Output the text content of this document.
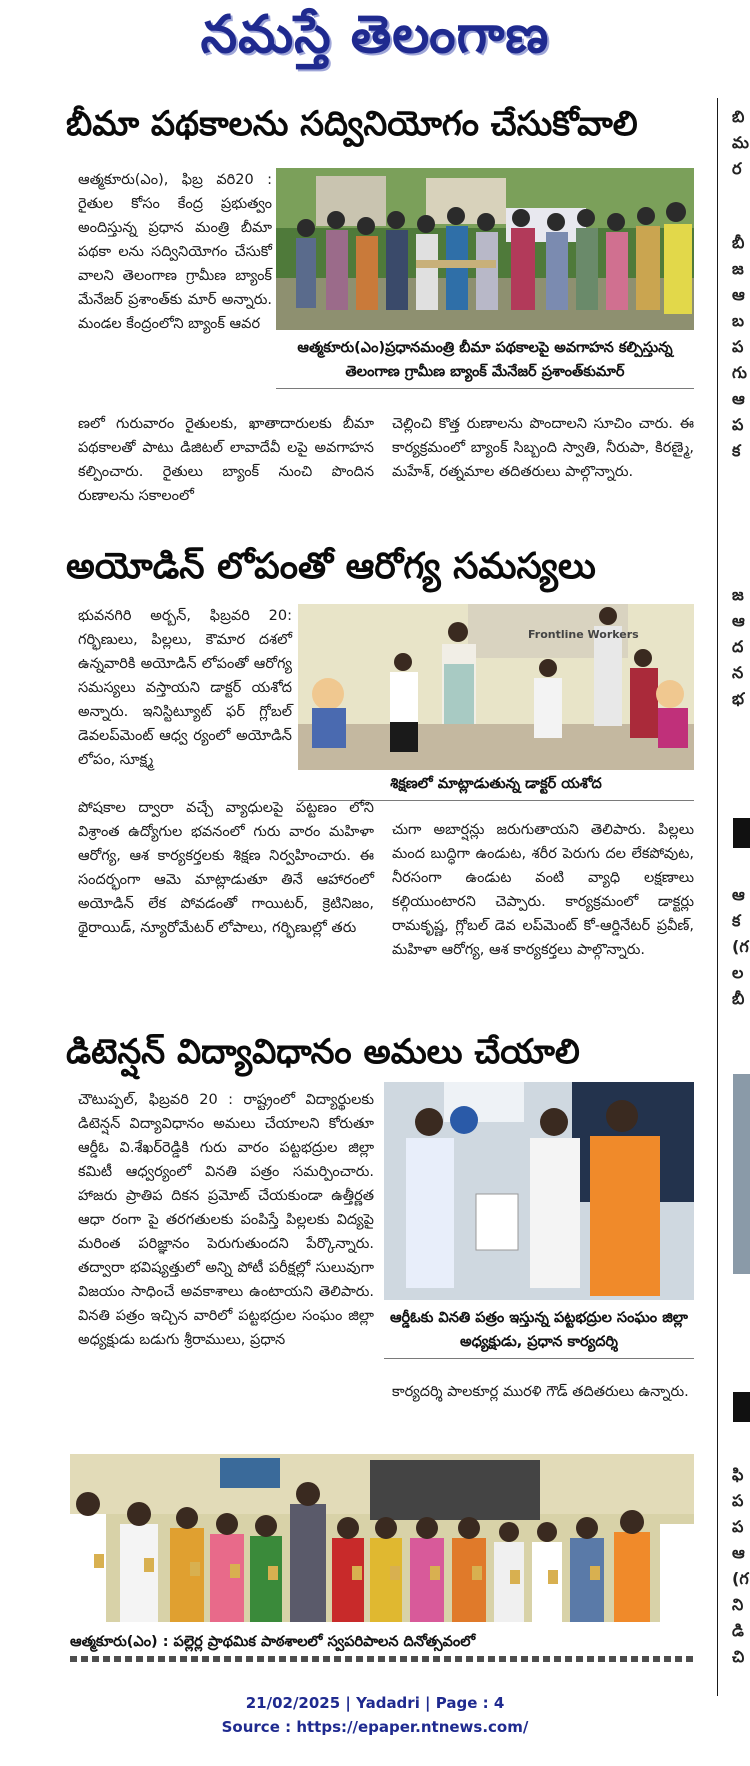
నమస్తే తెలంగాణ
బి
మ
ర
బీ
జ
ఆ
బ
ప
గు
ఆ
ప
క
జ
ఆ
ద
న
భ
ఆ
క
(గ
ల
బీ
ఫి
ప
ప
ఆ
(గ
ని
డి
చి
బీమా పథకాలను సద్వినియోగం చేసుకోవాలి

ఆత్మకూరు(ఎం), ఫిబ్ర వరి20 : రైతుల కోసం కేంద్ర ప్రభుత్వం అందిస్తున్న ప్రధాన మంత్రి బీమా పథకా లను సద్వినియోగం చేసుకో వాలని తెలంగాణ గ్రామీణ బ్యాంక్ మేనేజర్ ప్రశాంత్‌కు మార్ అన్నారు. మండల కేంద్రంలోని బ్యాంక్ ఆవర

ఆత్మకూరు(ఎం)ప్రధానమంత్రి బీమా పథకాలపై అవగాహన కల్పిస్తున్న తెలంగాణ గ్రామీణ బ్యాంక్ మేనేజర్ ప్రశాంత్‌కుమార్

ణలో గురువారం రైతులకు, ఖాతాదారులకు బీమా పథకాలతో పాటు డిజిటల్ లావాదేవీ లపై అవగాహన కల్పించారు. రైతులు బ్యాంక్ నుంచి పొందిన రుణాలను సకాలంలో

చెల్లించి కొత్త రుణాలను పొందాలని సూచిం చారు. ఈ కార్యక్రమంలో బ్యాంక్ సిబ్బంది స్వాతి, నీరుపా, కిరణ్మై, మహేశ్, రత్నమాల తదితరులు పాల్గొన్నారు.

అయోడిన్ లోపంతో ఆరోగ్య సమస్యలు

భువనగిరి అర్బన్, ఫిబ్రవరి 20: గర్భిణులు, పిల్లలు, కౌమార దశలో ఉన్నవారికి అయోడిన్ లోపంతో ఆరోగ్య సమస్యలు వస్తాయని డాక్టర్ యశోద అన్నారు. ఇనిస్టిట్యూట్ ఫర్ గ్లోబల్ డెవలప్‌మెంట్ ఆధ్వ ర్యంలో అయోడిన్ లోపం, సూక్ష్మ

Frontline Workers
శిక్షణలో మాట్లాడుతున్న డాక్టర్ యశోద

పోషకాల ద్వారా వచ్చే వ్యాధులపై పట్టణం లోని విశ్రాంత ఉద్యోగుల భవనంలో గురు వారం మహిళా ఆరోగ్య, ఆశ కార్యకర్తలకు శిక్షణ నిర్వహించారు. ఈ సందర్భంగా ఆమె మాట్లాడుతూ తినే ఆహారంలో అయోడిన్ లేక పోవడంతో గాయిటర్, క్రెటినిజం, థైరాయిడ్, న్యూరోమేటర్ లోపాలు, గర్భిణుల్లో తరు

చుగా అబార్షన్లు జరుగుతాయని తెలిపారు. పిల్లలు మంద బుద్ధిగా ఉండుట, శరీర పెరుగు దల లేకపోవుట, నీరసంగా ఉండుట వంటి వ్యాధి లక్షణాలు కల్గియుంటారని చెప్పారు. కార్యక్రమంలో డాక్టర్లు రామకృష్ణ, గ్లోబల్ డెవ లప్‌మెంట్ కో-ఆర్డినేటర్ ప్రవీణ్, మహిళా ఆరోగ్య, ఆశ కార్యకర్తలు పాల్గొన్నారు.

డిటెన్షన్ విద్యావిధానం అమలు చేయాలి

చౌటుప్పల్, ఫిబ్రవరి 20 : రాష్ట్రంలో విద్యార్థులకు డిటెన్షన్ విద్యావిధానం అమలు చేయాలని కోరుతూ ఆర్డీఓ వి.శేఖర్‌రెడ్డికి గురు వారం పట్టభద్రుల జిల్లా కమిటీ ఆధ్వర్యంలో వినతి పత్రం సమర్పించారు. హాజరు ప్రాతిప దికన ప్రమోట్ చేయకుండా ఉత్తీర్ణత ఆధా రంగా పై తరగతులకు పంపిస్తే పిల్లలకు విద్యపై మరింత పరిజ్ఞానం పెరుగుతుందని పేర్కొన్నారు. తద్వారా భవిష్యత్తులో అన్ని పోటీ పరీక్షల్లో సులువుగా విజయం సాధించే అవకాశాలు ఉంటాయని తెలిపారు. వినతి పత్రం ఇచ్చిన వారిలో పట్టభద్రుల సంఘం జిల్లా అధ్యక్షుడు బడుగు శ్రీరాములు, ప్రధాన

ఆర్డీఓకు వినతి పత్రం ఇస్తున్న పట్టభద్రుల సంఘం జిల్లా అధ్యక్షుడు, ప్రధాన కార్యదర్శి

కార్యదర్శి పాలకూర్ల మురళి గౌడ్ తదితరులు ఉన్నారు.

ఆత్మకూరు(ఎం) : పల్లెర్ల ప్రాథమిక పాఠశాలలో స్వపరిపాలన దినోత్సవంలో
21/02/2025 | Yadadri | Page : 4
Source : https://epaper.ntnews.com/
